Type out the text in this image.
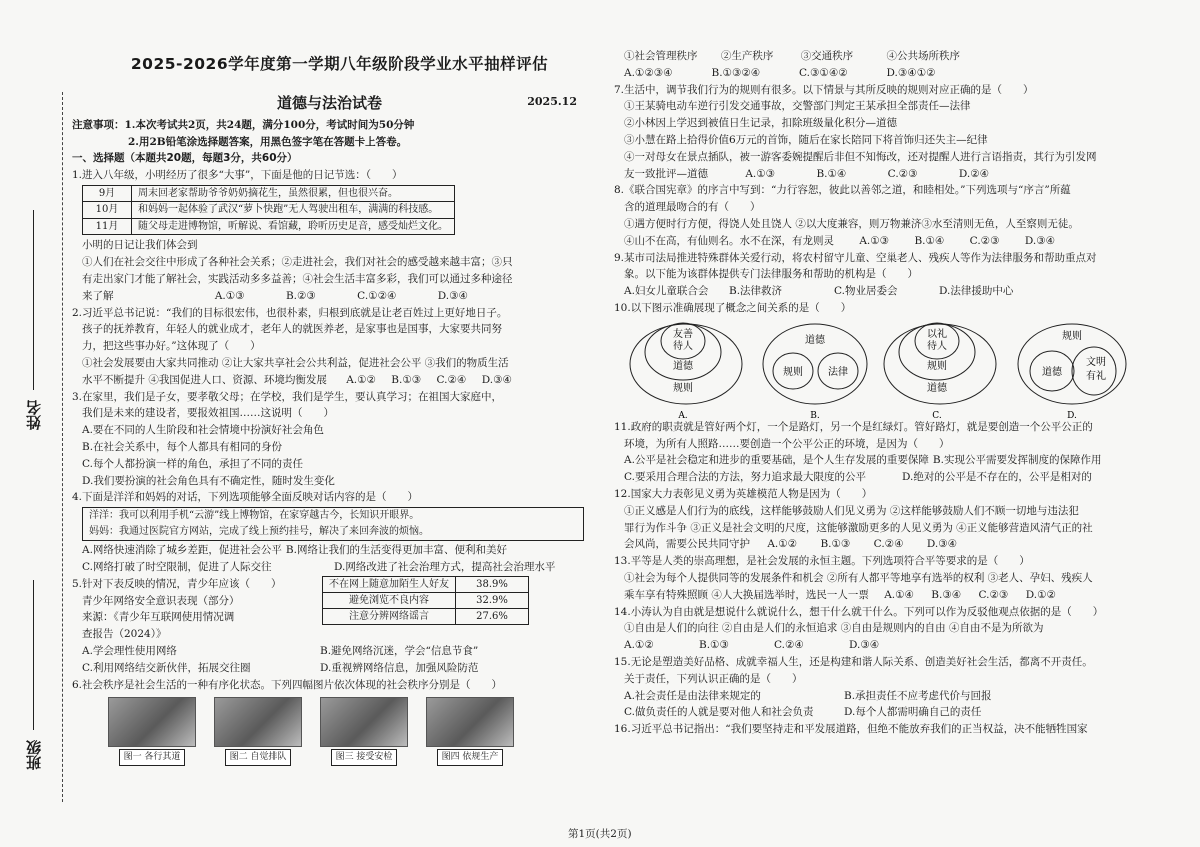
姓名
班级
2025-2026学年度第一学期八年级阶段学业水平抽样评估
道德与法治试卷	2025.12

注意事项：1.本次考试共2页，共24题，满分100分，考试时间为50分钟

2.用2B铅笔涂选择题答案，用黑色签字笔在答题卡上答卷。

一、选择题（本题共20题，每题3分，共60分）

1.进入八年级，小明经历了很多“大事”，下面是他的日记节选：（　　）

9月	周末回老家帮助爷爷奶奶摘花生，虽然很累，但也很兴奋。
10月	和妈妈一起体验了武汉“萝卜快跑”无人驾驶出租车，满满的科技感。
11月	随父母走进博物馆，听解说、看馆藏，聆听历史足音，感受灿烂文化。

小明的日记让我们体会到

①人们在社会交往中形成了各种社会关系；②走进社会，我们对社会的感受越来越丰富；③只

有走出家门才能了解社会，实践活动多多益善；④社会生活丰富多彩，我们可以通过多种途径

来了解	A.①③	B.②③	C.①②④	D.③④

2.习近平总书记说：“我们的目标很宏伟，也很朴素，归根到底就是让老百姓过上更好地日子。

孩子的抚养教育，年轻人的就业成才，老年人的就医养老，是家事也是国事，大家要共同努

力，把这些事办好。”这体现了（　　）

①社会发展要由大家共同推动 ②让大家共享社会公共利益，促进社会公平 ③我们的物质生活

水平不断提升 ④我国促进人口、资源、环境均衡发展 A.①② B.①③ C.②④ D.③④

3.在家里，我们是子女，要孝敬父母；在学校，我们是学生，要认真学习；在祖国大家庭中，

我们是未来的建设者，要报效祖国……这说明（　　）

A.要在不同的人生阶段和社会情境中扮演好社会角色

B.在社会关系中，每个人都具有相同的身份

C.每个人都扮演一样的角色，承担了不同的责任

D.我们要扮演的社会角色具有不确定性，随时发生变化

4.下面是洋洋和妈妈的对话，下列选项能够全面反映对话内容的是（　　）

洋洋：我可以利用手机“云游”线上博物馆，在家穿越古今，长知识开眼界。

妈妈：我通过医院官方网站，完成了线上预约挂号，解决了来回奔波的烦恼。

A.网络快速消除了城乡差距，促进社会公平 B.网络让我们的生活变得更加丰富、便利和美好

C.网络打破了时空限制，促进了人际交往	D.网络改进了社会治理方式，提高社会治理水平

5.针对下表反映的情况，青少年应该（　　）

青少年网络安全意识表现（部分）

来源：《青少年互联网使用情况调

查报告（2024）》

不在网上随意加陌生人好友	38.9%
避免浏览不良内容	32.9%
注意分辨网络谣言	27.6%

A.学会理性使用网络	B.避免网络沉迷，学会“信息节食”

C.利用网络结交新伙伴，拓展交往圈	D.重视辨网络信息，加强风险防范

6.社会秩序是社会生活的一种有序化状态。下列四幅图片依次体现的社会秩序分别是（　　）

图一 各行其道	图二 自觉排队	图三 接受安检	图四 依规生产

①社会管理秩序 ②生产秩序	③交通秩序	④公共场所秩序

A.①②③④	B.①③②④	C.③①④②	D.③④①②

7.生活中，调节我们行为的规则有很多。以下情景与其所反映的规则对应正确的是（　　）

①王某骑电动车逆行引发交通事故，交警部门判定王某承担全部责任—法律

②小林因上学迟到被值日生记录，扣除班级量化积分—道德

③小慧在路上拾得价值6万元的首饰，随后在家长陪同下将首饰归还失主—纪律

④一对母女在景点插队，被一游客委婉提醒后非但不知悔改，还对提醒人进行言语指责，其行为引发网

友一致批评—道德	A.①③	B.①④	C.②③	D.②④

8.《联合国宪章》的序言中写到：“力行容恕，彼此以善邻之道，和睦相处。”下列选项与“序言”所蕴

含的道理最吻合的有（　　）

①遇方便时行方便，得饶人处且饶人 ②以大度兼容，则万物兼济③水至清则无鱼，人至察则无徒。

④山不在高，有仙则名。水不在深，有龙则灵 A.①③ B.①④ C.②③ D.③④

9.某市司法局推进特殊群体关爱行动，将农村留守儿童、空巢老人、残疾人等作为法律服务和帮助重点对

象。以下能为该群体提供专门法律服务和帮助的机构是（　　）

A.妇女儿童联合会	B.法律救济	C.物业居委会	D.法律援助中心

10.以下图示准确展现了概念之间关系的是（　　）

友善
待人
道德
规则
A.
道德
规则	法律
B.
以礼
待人
规则
道德
C.
规则
道德
文明
有礼
D.

11.政府的职责就是管好两个灯，一个是路灯，另一个是红绿灯。管好路灯，就是要创造一个公平公正的

环境，为所有人照路……要创造一个公平公正的环境，是因为（　　）

A.公平是社会稳定和进步的重要基础，是个人生存发展的重要保障 B.实现公平需要发挥制度的保障作用

C.要采用合理合法的方法，努力追求最大限度的公平	D.绝对的公平是不存在的，公平是相对的

12.国家大力表彰见义勇为英雄模范人物是因为（　　）

①正义感是人们行为的底线，这样能够鼓励人们见义勇为 ②这样能够鼓励人们不顾一切地与违法犯

罪行为作斗争 ③正义是社会文明的尺度，这能够激励更多的人见义勇为 ④正义能够营造风清气正的社

会风尚，需要公民共同守护 A.①② B.①③ C.②④ D.③④

13.平等是人类的崇高理想，是社会发展的永恒主题。下列选项符合平等要求的是（　　）

①社会为每个人提供同等的发展条件和机会 ②所有人都平等地享有选举的权利 ③老人、孕妇、残疾人

乘车享有特殊照顾 ④人大换届选举时，选民一人一票 A.①④ B.③④ C.②③ D.①②

14.小涛认为自由就是想说什么就说什么，想干什么就干什么。下列可以作为反驳他观点依据的是（　　）

①自由是人们的向往 ②自由是人们的永恒追求 ③自由是规则内的自由 ④自由不是为所欲为

A.①②	B.①③	C.②④	D.③④

15.无论是塑造美好品格、成就幸福人生，还是构建和谐人际关系、创造美好社会生活，都离不开责任。

关于责任，下列认识正确的是（　　）

A.社会责任是由法律来规定的	B.承担责任不应考虑代价与回报

C.做负责任的人就是要对他人和社会负责	D.每个人都需明确自己的责任

16.习近平总书记指出：“我们要坚持走和平发展道路，但绝不能放弃我们的正当权益，决不能牺牲国家

第1页(共2页)
